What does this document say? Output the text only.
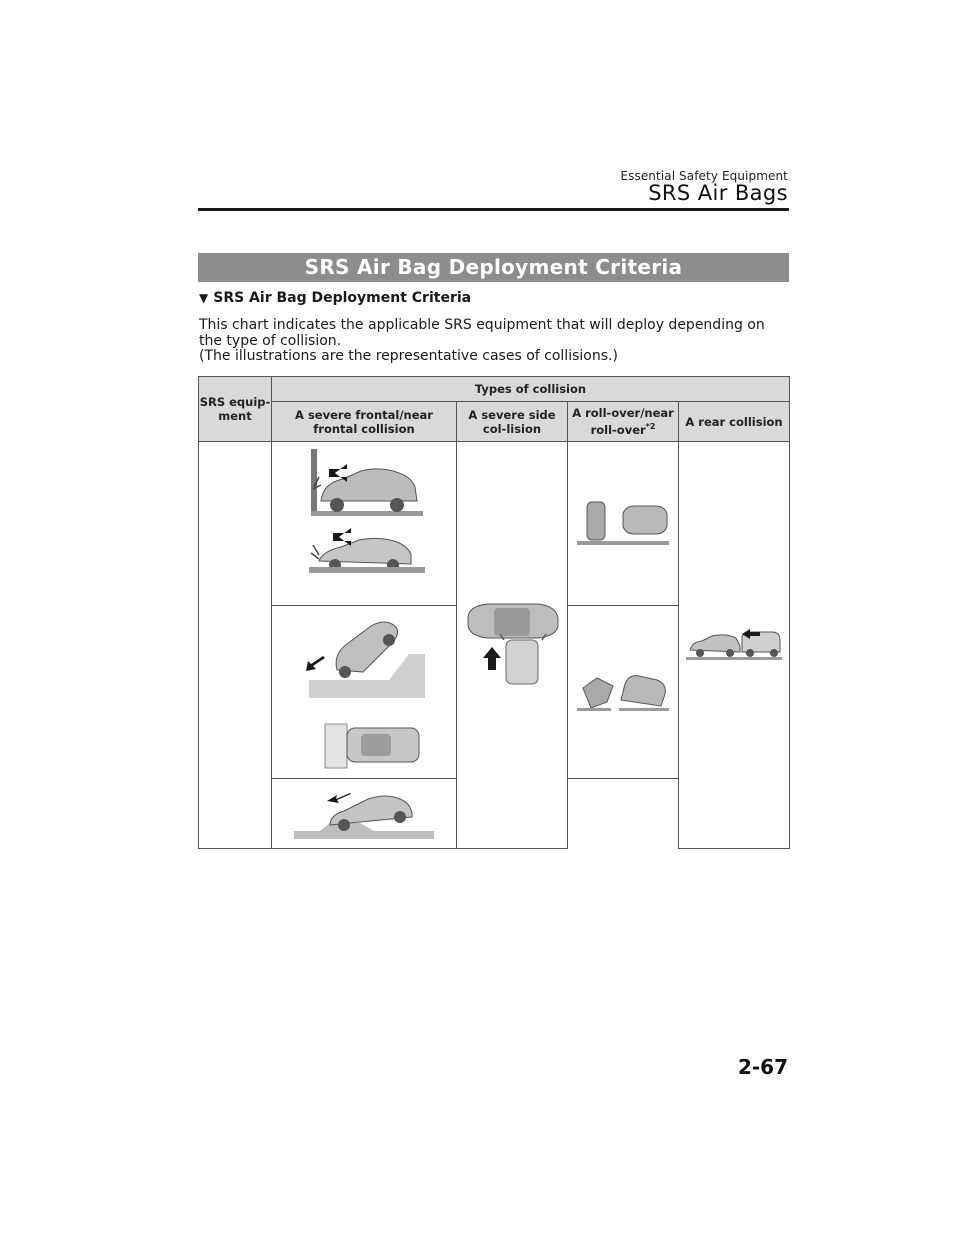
Essential Safety Equipment
SRS Air Bags
SRS Air Bag Deployment Criteria
▼ SRS Air Bag Deployment Criteria

This chart indicates the applicable SRS equipment that will deploy depending on the type of collision.

(The illustrations are the representative cases of collisions.)

SRS equip-ment	Types of collision			
	A severe frontal/near frontal collision	A severe side col-lision	A roll-over/near roll-over$^{*2}$	A rear collision

2-67
